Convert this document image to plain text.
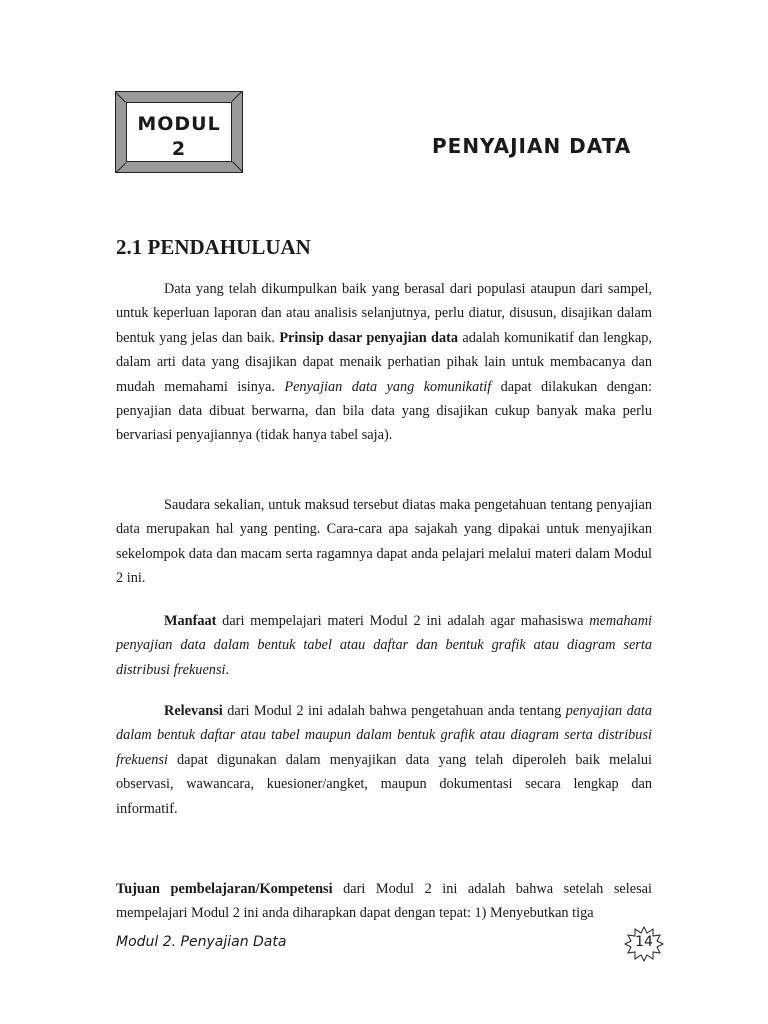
MODUL
2	PENYAJIAN DATA
2.1 PENDAHULUAN

Data yang telah dikumpulkan baik yang berasal dari populasi ataupun dari sampel, untuk keperluan laporan dan atau analisis selanjutnya, perlu diatur, disusun, disajikan dalam bentuk yang jelas dan baik. Prinsip dasar penyajian data adalah komunikatif dan lengkap, dalam arti data yang disajikan dapat menaik perhatian pihak lain untuk membacanya dan mudah memahami isinya. Penyajian data yang komunikatif dapat dilakukan dengan: penyajian data dibuat berwarna, dan bila data yang disajikan cukup banyak maka perlu bervariasi penyajiannya (tidak hanya tabel saja).

Saudara sekalian, untuk maksud tersebut diatas maka pengetahuan tentang penyajian data merupakan hal yang penting. Cara-cara apa sajakah yang dipakai untuk menyajikan sekelompok data dan macam serta ragamnya dapat anda pelajari melalui materi dalam Modul 2 ini.

Manfaat dari mempelajari materi Modul 2 ini adalah agar mahasiswa memahami penyajian data dalam bentuk tabel atau daftar dan bentuk grafik atau diagram serta distribusi frekuensi.

Relevansi dari Modul 2 ini adalah bahwa pengetahuan anda tentang penyajian data dalam bentuk daftar atau tabel maupun dalam bentuk grafik atau diagram serta distribusi frekuensi dapat digunakan dalam menyajikan data yang telah diperoleh baik melalui observasi, wawancara, kuesioner/angket, maupun dokumentasi secara lengkap dan informatif.

Tujuan pembelajaran/Kompetensi dari Modul 2 ini adalah bahwa setelah selesai mempelajari Modul 2 ini anda diharapkan dapat dengan tepat: 1) Menyebutkan tiga

Modul 2. Penyajian Data	14
